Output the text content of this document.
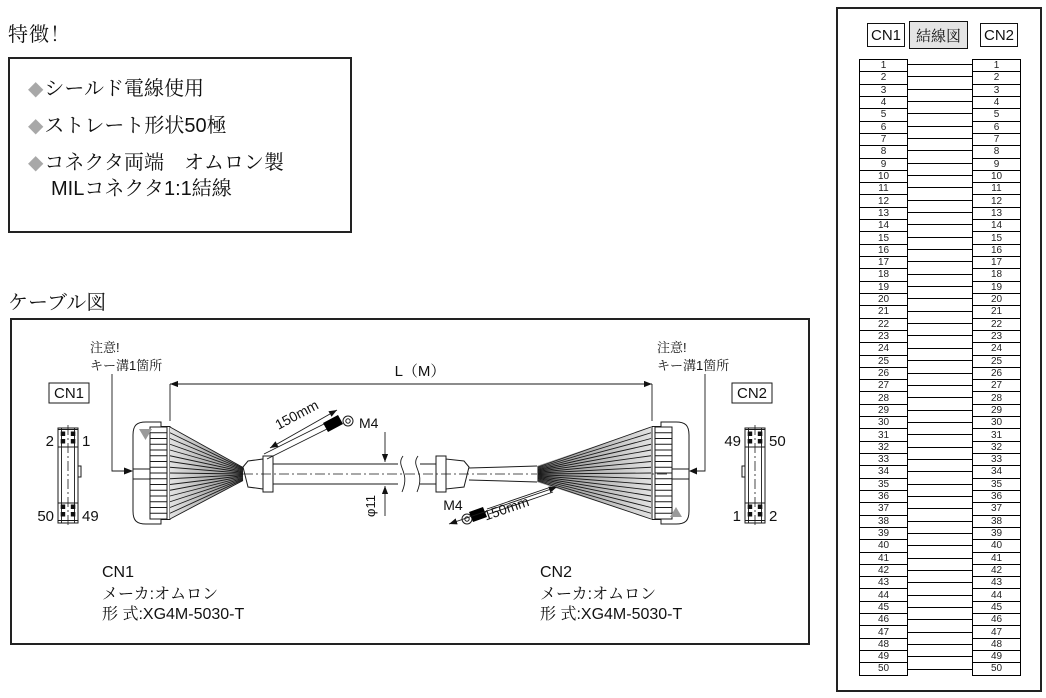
特徴！
◆シールド電線使用
◆ストレート形状50極
◆コネクタ両端　オムロン製
MILコネクタ1:1結線
ケーブル図
CN1
2 1
50 49
注意!
キー溝1箇所
注意!
キー溝1箇所
CN2
49 50
1 2
L（M）
150mm	M4
150mm
M4
φ11
CN1
メーカ:オムロン
形 式:XG4M-5030-T
CN2
メーカ:オムロン
形 式:XG4M-5030-T
CN1 結線図	CN2
1
2
3
4
5
6
7
8
9
10
11
12
13
14
15
16
17
18
19
20
21
22
23
24
25
26
27
28
29
30
31
32
33
34
35
36
37
38
39
40
41
42
43
44
45
46
47
48
49
50
1
2
3
4
5
6
7
8
9
10
11
12
13
14
15
16
17
18
19
20
21
22
23
24
25
26
27
28
29
30
31
32
33
34
35
36
37
38
39
40
41
42
43
44
45
46
47
48
49
50
